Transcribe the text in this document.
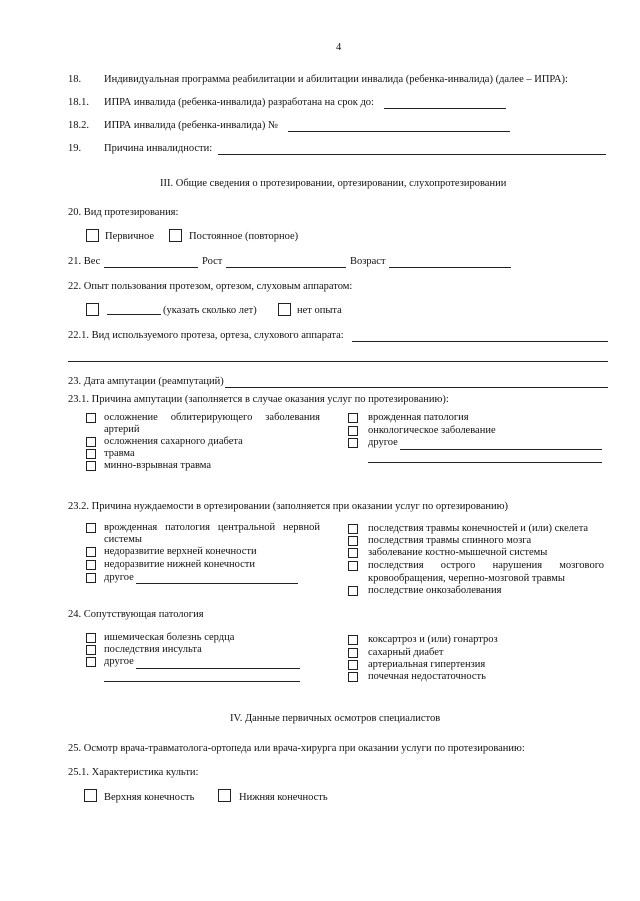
4
18. Индивидуальная программа реабилитации и абилитации инвалида (ребенка-инвалида) (далее – ИПРА):
18.1. ИПРА инвалида (ребенка-инвалида) разработана на срок до:
18.2. ИПРА инвалида (ребенка-инвалида) №
19. Причина инвалидности:
III. Общие сведения о протезировании, ортезировании, слухопротезировании
20. Вид протезирования:
Первичное	Постоянное (повторное)
21. Вес	Рост	Возраст
22. Опыт пользования протезом, ортезом, слуховым аппаратом:
(указать сколько лет)	нет опыта
22.1. Вид используемого протеза, ортеза, слухового аппарата:
23. Дата ампутации (реампутаций)
23.1. Причина ампутации (заполняется в случае оказания услуг по протезированию):
осложнение облитерирующего заболевания
артерий
осложнения сахарного диабета
травма
минно-взрывная травма
врожденная патология
онкологическое заболевание
другое
23.2. Причина нуждаемости в ортезировании (заполняется при оказании услуг по ортезированию)
врожденная патология центральной нервной
системы
недоразвитие верхней конечности
недоразвитие нижней конечности
другое
последствия травмы конечностей и (или) скелета
последствия травмы спинного мозга
заболевание костно-мышечной системы
последствия острого нарушения мозгового
кровообращения, черепно-мозговой травмы
последствие онкозаболевания
24. Сопутствующая патология
ишемическая болезнь сердца
последствия инсульта
другое
коксартроз и (или) гонартроз
сахарный диабет
артериальная гипертензия
почечная недостаточность
IV. Данные первичных осмотров специалистов
25. Осмотр врача-травматолога-ортопеда или врача-хирурга при оказании услуги по протезированию:
25.1. Характеристика культи:
Верхняя конечность	Нижняя конечность
